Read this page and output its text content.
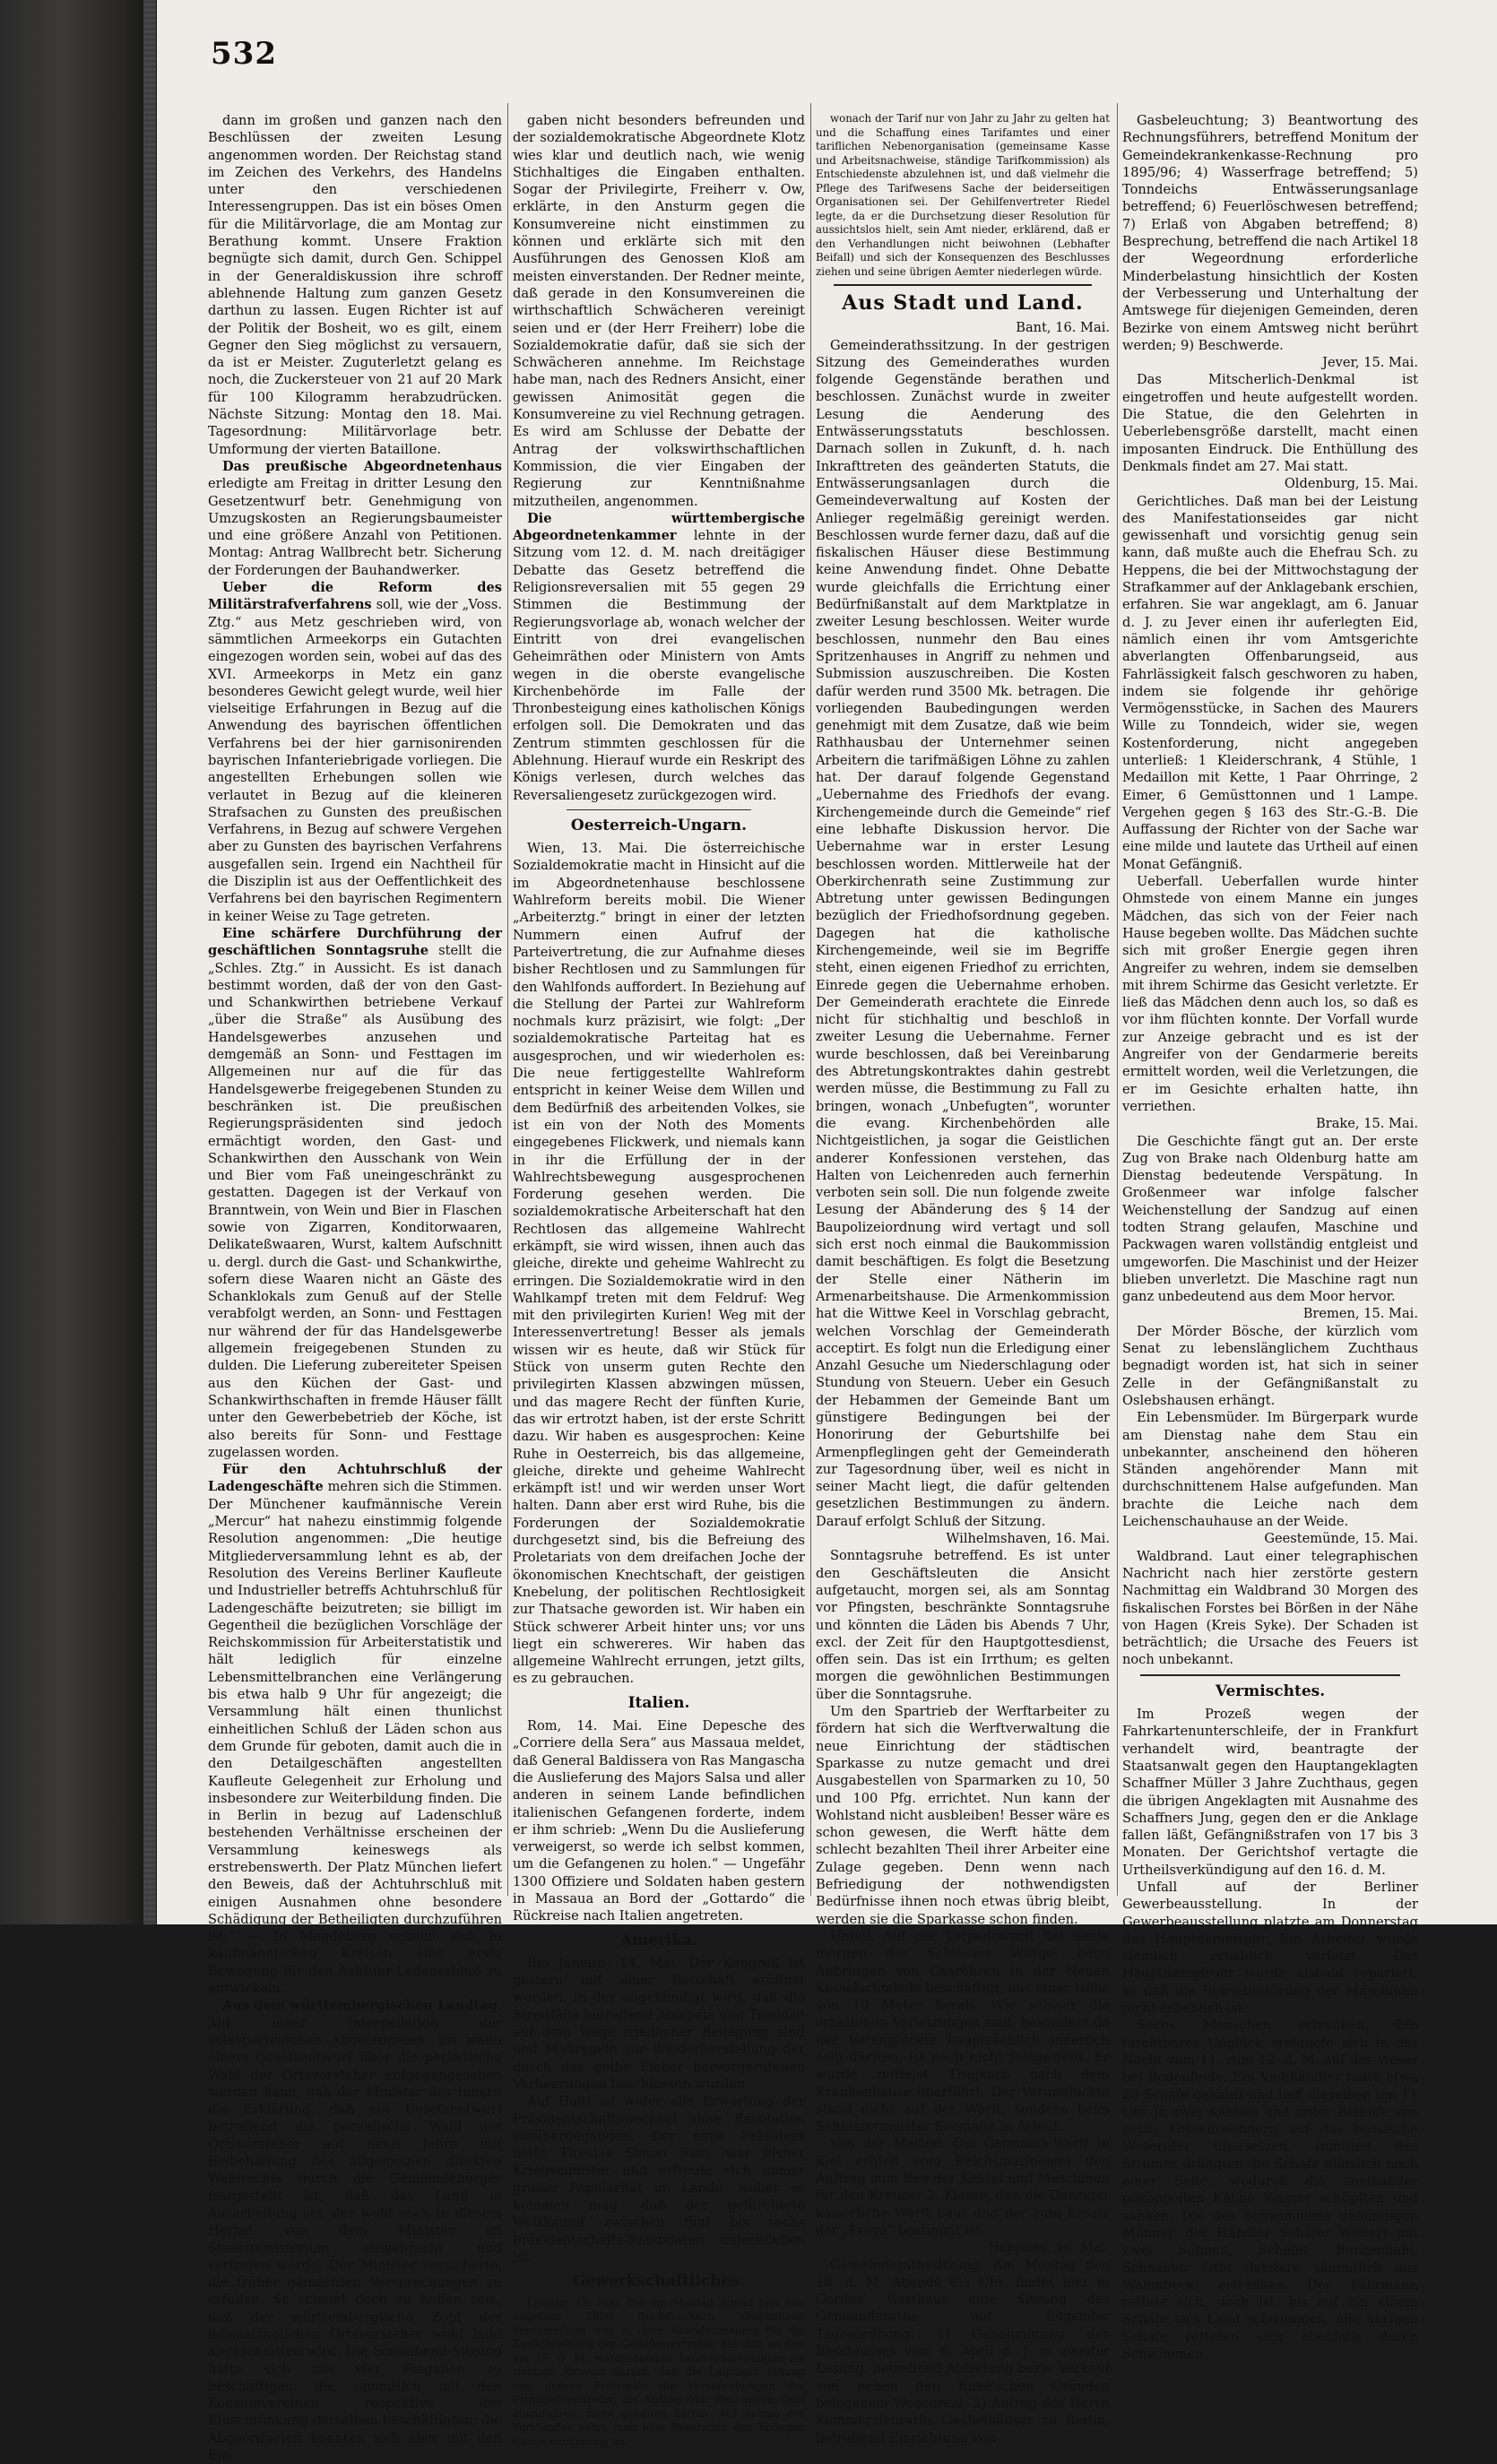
532

dann im großen und ganzen nach den Beschlüssen der zweiten Lesung angenommen worden. Der Reichstag stand im Zeichen des Verkehrs, des Handelns unter den verschiedenen Interessengruppen. Das ist ein böses Omen für die Militärvorlage, die am Montag zur Berathung kommt. Unsere Fraktion begnügte sich damit, durch Gen. Schippel in der Generaldiskussion ihre schroff ablehnende Haltung zum ganzen Gesetz darthun zu lassen. Eugen Richter ist auf der Politik der Bosheit, wo es gilt, einem Gegner den Sieg möglichst zu versauern, da ist er Meister. Zuguterletzt gelang es noch, die Zuckersteuer von 21 auf 20 Mark für 100 Kilogramm herabzudrücken. Nächste Sitzung: Montag den 18. Mai. Tagesordnung: Militärvorlage betr. Umformung der vierten Bataillone.

Das preußische Abgeordnetenhaus erledigte am Freitag in dritter Lesung den Gesetzentwurf betr. Genehmigung von Umzugskosten an Regierungsbaumeister und eine größere Anzahl von Petitionen. Montag: Antrag Wallbrecht betr. Sicherung der Forderungen der Bauhandwerker.

Ueber die Reform des Militärstrafverfahrens soll, wie der „Voss. Ztg.“ aus Metz geschrieben wird, von sämmtlichen Armeekorps ein Gutachten eingezogen worden sein, wobei auf das des XVI. Armeekorps in Metz ein ganz besonderes Gewicht gelegt wurde, weil hier vielseitige Erfahrungen in Bezug auf die Anwendung des bayrischen öffentlichen Verfahrens bei der hier garnisonirenden bayrischen Infanteriebrigade vorliegen. Die angestellten Erhebungen sollen wie verlautet in Bezug auf die kleineren Strafsachen zu Gunsten des preußischen Verfahrens, in Bezug auf schwere Vergehen aber zu Gunsten des bayrischen Verfahrens ausgefallen sein. Irgend ein Nachtheil für die Disziplin ist aus der Oeffentlichkeit des Verfahrens bei den bayrischen Regimentern in keiner Weise zu Tage getreten.

Eine schärfere Durchführung der geschäftlichen Sonntagsruhe stellt die „Schles. Ztg.“ in Aussicht. Es ist danach bestimmt worden, daß der von den Gast- und Schankwirthen betriebene Verkauf „über die Straße“ als Ausübung des Handelsgewerbes anzusehen und demgemäß an Sonn- und Festtagen im Allgemeinen nur auf die für das Handelsgewerbe freigegebenen Stunden zu beschränken ist. Die preußischen Regierungspräsidenten sind jedoch ermächtigt worden, den Gast- und Schankwirthen den Ausschank von Wein und Bier vom Faß uneingeschränkt zu gestatten. Dagegen ist der Verkauf von Branntwein, von Wein und Bier in Flaschen sowie von Zigarren, Konditorwaaren, Delikateßwaaren, Wurst, kaltem Aufschnitt u. dergl. durch die Gast- und Schankwirthe, sofern diese Waaren nicht an Gäste des Schanklokals zum Genuß auf der Stelle verabfolgt werden, an Sonn- und Festtagen nur während der für das Handelsgewerbe allgemein freigegebenen Stunden zu dulden. Die Lieferung zubereiteter Speisen aus den Küchen der Gast- und Schankwirthschaften in fremde Häuser fällt unter den Gewerbebetrieb der Köche, ist also bereits für Sonn- und Festtage zugelassen worden.

Für den Achtuhrschluß der Ladengeschäfte mehren sich die Stimmen. Der Münchener kaufmännische Verein „Mercur“ hat nahezu einstimmig folgende Resolution angenommen: „Die heutige Mitgliederversammlung lehnt es ab, der Resolution des Vereins Berliner Kaufleute und Industrieller betreffs Achtuhrschluß für Ladengeschäfte beizutreten; sie billigt im Gegentheil die bezüglichen Vorschläge der Reichskommission für Arbeiterstatistik und hält lediglich für einzelne Lebensmittelbranchen eine Verlängerung bis etwa halb 9 Uhr für angezeigt; die Versammlung hält einen thunlichst einheitlichen Schluß der Läden schon aus dem Grunde für geboten, damit auch die in den Detailgeschäften angestellten Kaufleute Gelegenheit zur Erholung und insbesondere zur Weiterbildung finden. Die in Berlin in bezug auf Ladenschluß bestehenden Verhältnisse erscheinen der Versammlung keineswegs als erstrebenswerth. Der Platz München liefert den Beweis, daß der Achtuhrschluß mit einigen Ausnahmen ohne besondere Schädigung der Betheiligten durchzuführen ist.“ — In Magdeburg scheint sich in kaufmännischen Kreisen eine erste Bewegung für den Achtuhr-Ladenschluß zu entwickeln.

Aus dem württembergischen Landtag. Auf einer Interpellation der volksparteilichen Abgeordneten, bis wann einem Gesetzentwurf über die periodische Wahl der Ortsvorsteher entgegengesehen werden kann, gab der Minister des Innern die Erklärung, daß ein Gesetzentwurf betreffend die periodische Wahl der Ortsvorsteher auf neun Jahre mit Beibehaltung des allgemeinen direkten Wahlrechts durch die Gemeindebürger festgestellt ist, daß das Land in Ausarbeitung sei, der wohl noch in diesem Herbst von dem Minister im Staatsministerium eingebracht und vertreten werde. Der Minister versicherte, die früher gemachten Versprechungen zu erfüllen. So scheint doch zu hoffen sein, daß der württembergische Zopf der lebenslänglichen Ortsvorsteher wohl bald abgeschnitten wird. Die Sonnabend-Sitzung hatte sich mit vier Eingaben zu beschäftigen, die sämmtlich mit den Konsumvereinen respektive der Einschränkung derselben beschäftigten; die Abgeordneten konnten sich aber mit den Ein-

gaben nicht besonders befreunden und der sozialdemokratische Abgeordnete Klotz wies klar und deutlich nach, wie wenig Stichhaltiges die Eingaben enthalten. Sogar der Privilegirte, Freiherr v. Ow, erklärte, in den Ansturm gegen die Konsumvereine nicht einstimmen zu können und erklärte sich mit den Ausführungen des Genossen Kloß am meisten einverstanden. Der Redner meinte, daß gerade in den Konsumvereinen die wirthschaftlich Schwächeren vereinigt seien und er (der Herr Freiherr) lobe die Sozialdemokratie dafür, daß sie sich der Schwächeren annehme. Im Reichstage habe man, nach des Redners Ansicht, einer gewissen Animosität gegen die Konsumvereine zu viel Rechnung getragen. Es wird am Schlusse der Debatte der Antrag der volkswirthschaftlichen Kommission, die vier Eingaben der Regierung zur Kenntnißnahme mitzutheilen, angenommen.

Die württembergische Abgeordnetenkammer lehnte in der Sitzung vom 12. d. M. nach dreitägiger Debatte das Gesetz betreffend die Religionsreversalien mit 55 gegen 29 Stimmen die Bestimmung der Regierungsvorlage ab, wonach welcher der Eintritt von drei evangelischen Geheimräthen oder Ministern von Amts wegen in die oberste evangelische Kirchenbehörde im Falle der Thronbesteigung eines katholischen Königs erfolgen soll. Die Demokraten und das Zentrum stimmten geschlossen für die Ablehnung. Hierauf wurde ein Reskript des Königs verlesen, durch welches das Reversaliengesetz zurückgezogen wird.

Oesterreich-Ungarn.

Wien, 13. Mai. Die österreichische Sozialdemokratie macht in Hinsicht auf die im Abgeordnetenhause beschlossene Wahlreform bereits mobil. Die Wiener „Arbeiterztg.“ bringt in einer der letzten Nummern einen Aufruf der Parteivertretung, die zur Aufnahme dieses bisher Rechtlosen und zu Sammlungen für den Wahlfonds auffordert. In Beziehung auf die Stellung der Partei zur Wahlreform nochmals kurz präzisirt, wie folgt: „Der sozialdemokratische Parteitag hat es ausgesprochen, und wir wiederholen es: Die neue fertiggestellte Wahlreform entspricht in keiner Weise dem Willen und dem Bedürfniß des arbeitenden Volkes, sie ist ein von der Noth des Moments eingegebenes Flickwerk, und niemals kann in ihr die Erfüllung der in der Wahlrechtsbewegung ausgesprochenen Forderung gesehen werden. Die sozialdemokratische Arbeiterschaft hat den Rechtlosen das allgemeine Wahlrecht erkämpft, sie wird wissen, ihnen auch das gleiche, direkte und geheime Wahlrecht zu erringen. Die Sozialdemokratie wird in den Wahlkampf treten mit dem Feldruf: Weg mit den privilegirten Kurien! Weg mit der Interessenvertretung! Besser als jemals wissen wir es heute, daß wir Stück für Stück von unserm guten Rechte den privilegirten Klassen abzwingen müssen, und das magere Recht der fünften Kurie, das wir ertrotzt haben, ist der erste Schritt dazu. Wir haben es ausgesprochen: Keine Ruhe in Oesterreich, bis das allgemeine, gleiche, direkte und geheime Wahlrecht erkämpft ist! und wir werden unser Wort halten. Dann aber erst wird Ruhe, bis die Forderungen der Sozialdemokratie durchgesetzt sind, bis die Befreiung des Proletariats von dem dreifachen Joche der ökonomischen Knechtschaft, der geistigen Knebelung, der politischen Rechtlosigkeit zur Thatsache geworden ist. Wir haben ein Stück schwerer Arbeit hinter uns; vor uns liegt ein schwereres. Wir haben das allgemeine Wahlrecht errungen, jetzt gilts, es zu gebrauchen.

Italien.

Rom, 14. Mai. Eine Depesche des „Corriere della Sera“ aus Massaua meldet, daß General Baldissera von Ras Mangascha die Auslieferung des Majors Salsa und aller anderen in seinem Lande befindlichen italienischen Gefangenen forderte, indem er ihm schrieb: „Wenn Du die Auslieferung verweigerst, so werde ich selbst kommen, um die Gefangenen zu holen.“ — Ungefähr 1300 Offiziere und Soldaten haben gestern in Massaua an Bord der „Gottardo“ die Rückreise nach Italien angetreten.

Amerika.

Rio Janeiro, 14. Mai. Der Kongreß ist gestern mit einer Botschaft eröffnet worden, in der angekündigt wird, daß die Streitfälle betreffend Amapala und Trinidad auf dem Wege friedlicher Beilegung sind und Maßregeln zur Wiederherstellung der durch das gelbe Fieber hervorgerufenen Verheerungen beschlossen wurden.

Auf Haiti ist wider alle Erwartung der Präsidentschaftswechsel ohne Revolution vorübergegangen. Der neue Präsident heißt Tiresias Simon Sam, war bisher Kriegsminister und erfreute sich immer großer Popularität im Lande, woher es kommen mag, daß der gefürchtete Wettkampf zwischen fünf bis sechs Präsidentschafts-Kandidaten unterblieben ist.

Gewerkschaftliches.

Leipzig, 13. Mai. Die am Montag Abend hier von ungefähr 2000 Buchdruckern abgehaltene Versammlung war in ihrer Grundstimmung für die Zurückziehung der Gehilfenvertreter, die sich an den am 15. d. M. stattfindenden Tarifverhandlungen als richtige Antwort darauf, daß die Leipziger Innung und andere Prinzipale die Versprechungen der Prinzipalsvertreter, als Anfang Mai den neuen Tarif einzuführen, nicht gehalten hätten. Auf Antrag des Vorstandes nahm man eine Resolution des Kollegen Gasch einstimmig an,

wonach der Tarif nur von Jahr zu Jahr zu gelten hat und die Schaffung eines Tarifamtes und einer tariflichen Nebenorganisation (gemeinsame Kasse und Arbeitsnachweise, ständige Tarifkommission) als Entschiedenste abzulehnen ist, und daß vielmehr die Pflege des Tarifwesens Sache der beiderseitigen Organisationen sei. Der Gehilfenvertreter Riedel legte, da er die Durchsetzung dieser Resolution für aussichtslos hielt, sein Amt nieder, erklärend, daß er den Verhandlungen nicht beiwohnen (Lebhafter Beifall) und sich der Konsequenzen des Beschlusses ziehen und seine übrigen Aemter niederlegen würde.

Aus Stadt und Land.

Bant, 16. Mai.

Gemeinderathssitzung. In der gestrigen Sitzung des Gemeinderathes wurden folgende Gegenstände berathen und beschlossen. Zunächst wurde in zweiter Lesung die Aenderung des Entwässerungsstatuts beschlossen. Darnach sollen in Zukunft, d. h. nach Inkrafttreten des geänderten Statuts, die Entwässerungsanlagen durch die Gemeindeverwaltung auf Kosten der Anlieger regelmäßig gereinigt werden. Beschlossen wurde ferner dazu, daß auf die fiskalischen Häuser diese Bestimmung keine Anwendung findet. Ohne Debatte wurde gleichfalls die Errichtung einer Bedürfnißanstalt auf dem Marktplatze in zweiter Lesung beschlossen. Weiter wurde beschlossen, nunmehr den Bau eines Spritzenhauses in Angriff zu nehmen und Submission auszuschreiben. Die Kosten dafür werden rund 3500 Mk. betragen. Die vorliegenden Baubedingungen werden genehmigt mit dem Zusatze, daß wie beim Rathhausbau der Unternehmer seinen Arbeitern die tarifmäßigen Löhne zu zahlen hat. Der darauf folgende Gegenstand „Uebernahme des Friedhofs der evang. Kirchengemeinde durch die Gemeinde“ rief eine lebhafte Diskussion hervor. Die Uebernahme war in erster Lesung beschlossen worden. Mittlerweile hat der Oberkirchenrath seine Zustimmung zur Abtretung unter gewissen Bedingungen bezüglich der Friedhofsordnung gegeben. Dagegen hat die katholische Kirchengemeinde, weil sie im Begriffe steht, einen eigenen Friedhof zu errichten, Einrede gegen die Uebernahme erhoben. Der Gemeinderath erachtete die Einrede nicht für stichhaltig und beschloß in zweiter Lesung die Uebernahme. Ferner wurde beschlossen, daß bei Vereinbarung des Abtretungskontraktes dahin gestrebt werden müsse, die Bestimmung zu Fall zu bringen, wonach „Unbefugten“, worunter die evang. Kirchenbehörden alle Nichtgeistlichen, ja sogar die Geistlichen anderer Konfessionen verstehen, das Halten von Leichenreden auch fernerhin verboten sein soll. Die nun folgende zweite Lesung der Abänderung des § 14 der Baupolizeiordnung wird vertagt und soll sich erst noch einmal die Baukommission damit beschäftigen. Es folgt die Besetzung der Stelle einer Nätherin im Armenarbeitshause. Die Armenkommission hat die Wittwe Keel in Vorschlag gebracht, welchen Vorschlag der Gemeinderath acceptirt. Es folgt nun die Erledigung einer Anzahl Gesuche um Niederschlagung oder Stundung von Steuern. Ueber ein Gesuch der Hebammen der Gemeinde Bant um günstigere Bedingungen bei der Honorirung der Geburtshilfe bei Armenpfleglingen geht der Gemeinderath zur Tagesordnung über, weil es nicht in seiner Macht liegt, die dafür geltenden gesetzlichen Bestimmungen zu ändern. Darauf erfolgt Schluß der Sitzung.

Wilhelmshaven, 16. Mai.

Sonntagsruhe betreffend. Es ist unter den Geschäftsleuten die Ansicht aufgetaucht, morgen sei, als am Sonntag vor Pfingsten, beschränkte Sonntagsruhe und könnten die Läden bis Abends 7 Uhr, excl. der Zeit für den Hauptgottesdienst, offen sein. Das ist ein Irrthum; es gelten morgen die gewöhnlichen Bestimmungen über die Sonntagsruhe.

Um den Spartrieb der Werftarbeiter zu fördern hat sich die Werftverwaltung die neue Einrichtung der städtischen Sparkasse zu nutze gemacht und drei Ausgabestellen von Sparmarken zu 10, 50 und 100 Pfg. errichtet. Nun kann der Wohlstand nicht ausbleiben! Besser wäre es schon gewesen, die Werft hätte dem schlecht bezahlten Theil ihrer Arbeiter eine Zulage gegeben. Denn wenn nach Befriedigung der nothwendigsten Bedürfnisse ihnen noch etwas übrig bleibt, werden sie die Sparkasse schon finden.

Unfall. Auf der Torpedowerft fiel heute morgen der Schlosser Wittge, beim Anbringen von Gasröhren in der Neuen Kesselschmiede beschäftigt, aus einer Höhe von 10 Meter herab. Wie schwer die erhaltenen Verletzungen sind, besonders da der Verunglückte hauptsächlich innerlich sein dürften, ist noch nicht festgestellt. Er wurde mittelst Tragkorb nach dem Krankenhause überführt. Der Verunglückte stand nicht auf der Werft, sondern beim Schlossermeister Seemann in Arbeit.

Von der Marine. Die Germania-Werft in Kiel erhielt vom Reichsmarineamt den Auftrag zum Bau der Kessel und Maschinen für den Kreuzer 2. Klasse, den die Danziger kaiserliche Werft baut und der zum Ersatz der „Freya“ bestimmt ist.

Heppens, 16. Mai.

Gemeinderathssitzung. Am Montag den 18. d. M. Abends 8½ Uhr, findet hier in Gerdes' Gasthaus eine Sitzung des Gemeinderaths mit folgender Tagesordnung: 1) Genehmigung des Beschlusses vom 8. April d. J. in zweiter Lesung, betreffend Abtretung bezw. Verkauf von neben den Enke'schen Gründen belegenem Wegeareal; 2) Antrag des Herrn Kommerzienraths Oechelhäuser zu Berlin, betreffend Einrichtung von

Gasbeleuchtung; 3) Beantwortung des Rechnungsführers, betreffend Monitum der Gemeindekrankenkasse-Rechnung pro 1895/96; 4) Wasserfrage betreffend; 5) Tonndeichs Entwässerungsanlage betreffend; 6) Feuerlöschwesen betreffend; 7) Erlaß von Abgaben betreffend; 8) Besprechung, betreffend die nach Artikel 18 der Wegeordnung erforderliche Minderbelastung hinsichtlich der Kosten der Verbesserung und Unterhaltung der Amtswege für diejenigen Gemeinden, deren Bezirke von einem Amtsweg nicht berührt werden; 9) Beschwerde.

Jever, 15. Mai.

Das Mitscherlich-Denkmal ist eingetroffen und heute aufgestellt worden. Die Statue, die den Gelehrten in Ueberlebensgröße darstellt, macht einen imposanten Eindruck. Die Enthüllung des Denkmals findet am 27. Mai statt.

Oldenburg, 15. Mai.

Gerichtliches. Daß man bei der Leistung des Manifestationseides gar nicht gewissenhaft und vorsichtig genug sein kann, daß mußte auch die Ehefrau Sch. zu Heppens, die bei der Mittwochstagung der Strafkammer auf der Anklagebank erschien, erfahren. Sie war angeklagt, am 6. Januar d. J. zu Jever einen ihr auferlegten Eid, nämlich einen ihr vom Amtsgerichte abverlangten Offenbarungseid, aus Fahrlässigkeit falsch geschworen zu haben, indem sie folgende ihr gehörige Vermögensstücke, in Sachen des Maurers Wille zu Tonndeich, wider sie, wegen Kostenforderung, nicht angegeben unterließ: 1 Kleiderschrank, 4 Stühle, 1 Medaillon mit Kette, 1 Paar Ohrringe, 2 Eimer, 6 Gemüsttonnen und 1 Lampe. Vergehen gegen § 163 des Str.-G.-B. Die Auffassung der Richter von der Sache war eine milde und lautete das Urtheil auf einen Monat Gefängniß.

Ueberfall. Ueberfallen wurde hinter Ohmstede von einem Manne ein junges Mädchen, das sich von der Feier nach Hause begeben wollte. Das Mädchen suchte sich mit großer Energie gegen ihren Angreifer zu wehren, indem sie demselben mit ihrem Schirme das Gesicht verletzte. Er ließ das Mädchen denn auch los, so daß es vor ihm flüchten konnte. Der Vorfall wurde zur Anzeige gebracht und es ist der Angreifer von der Gendarmerie bereits ermittelt worden, weil die Verletzungen, die er im Gesichte erhalten hatte, ihn verriethen.

Brake, 15. Mai.

Die Geschichte fängt gut an. Der erste Zug von Brake nach Oldenburg hatte am Dienstag bedeutende Verspätung. In Großenmeer war infolge falscher Weichenstellung der Sandzug auf einen todten Strang gelaufen, Maschine und Packwagen waren vollständig entgleist und umgeworfen. Die Maschinist und der Heizer blieben unverletzt. Die Maschine ragt nun ganz unbedeutend aus dem Moor hervor.

Bremen, 15. Mai.

Der Mörder Bösche, der kürzlich vom Senat zu lebenslänglichem Zuchthaus begnadigt worden ist, hat sich in seiner Zelle in der Gefängnißanstalt zu Oslebshausen erhängt.

Ein Lebensmüder. Im Bürgerpark wurde am Dienstag nahe dem Stau ein unbekannter, anscheinend den höheren Ständen angehörender Mann mit durchschnittenem Halse aufgefunden. Man brachte die Leiche nach dem Leichenschauhause an der Weide.

Geestemünde, 15. Mai.

Waldbrand. Laut einer telegraphischen Nachricht nach hier zerstörte gestern Nachmittag ein Waldbrand 30 Morgen des fiskalischen Forstes bei Börßen in der Nähe von Hagen (Kreis Syke). Der Schaden ist beträchtlich; die Ursache des Feuers ist noch unbekannt.

Vermischtes.

Im Prozeß wegen der Fahrkartenunterschleife, der in Frankfurt verhandelt wird, beantragte der Staatsanwalt gegen den Hauptangeklagten Schaffner Müller 3 Jahre Zuchthaus, gegen die übrigen Angeklagten mit Ausnahme des Schaffners Jung, gegen den er die Anklage fallen läßt, Gefängnißstrafen von 17 bis 3 Monaten. Der Gerichtshof vertagte die Urtheilsverkündigung auf den 16. d. M.

Unfall auf der Berliner Gewerbeausstellung. In der Gewerbeausstellung platzte am Donnerstag das Hauptdampfrohr. Ein Arbeiter wurde ziemlich erheblich verletzt. Das Hauptdampfrohr wurde alsbald repariert, so daß die Betriebsstörung der Maschinen nicht erheblich ist.

Sechs Menschen ertrunken. Ein furchtbares Unglück ereignete sich in der Nacht vom 11. zum 12. d. M. auf der Weser bei Bodenfelde. Ein Viehhändler hatte etwa 20 Schafe gekauft und ließ dieselben um 11 Uhr in zwei Kähnen und unter Beihilfe von sechs Ortseinwohnern auf das hessische Weserufer übersetzen. Inmitten des Stromes drängten die Schafe plötzlich nach einer Seite, wodurch die aneinander gekoppelten Kähne Wasser schöpften und sanken. Die des Schwimmens unkundigen Männer, der Händler Schäfer Wielert mit zwei Söhnen, Schäfer Bunzenbahl, Schneider Otte (letztere sämmtlich aus Wahmbeck) ertranken. Der Fährmann rettete sich, doch ist, bis auf ein einem Schafe an's Land schwimmen, alle übrigen Schafe retteten sich ebenfalls durch Schwimmen.
